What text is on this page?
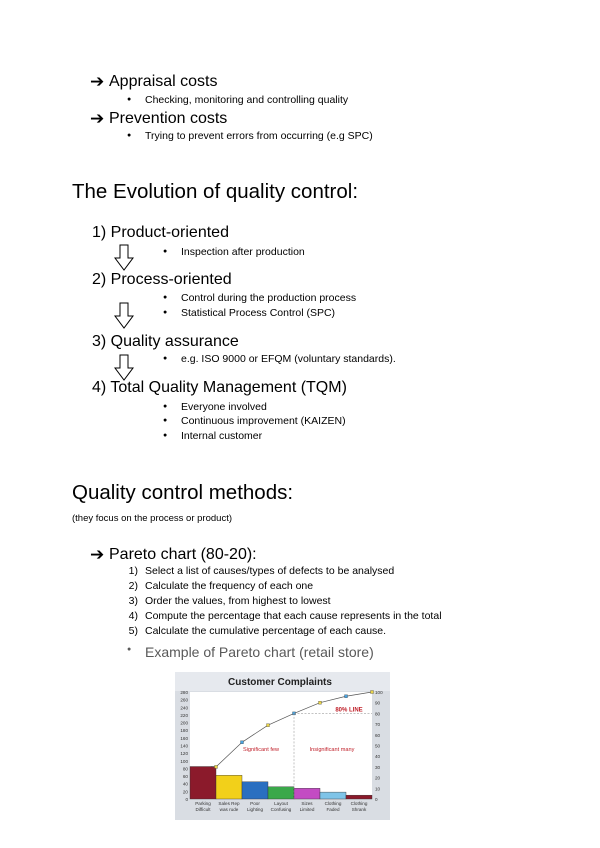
➔ Appraisal costs
● Checking, monitoring and controlling quality
➔ Prevention costs
● Trying to prevent errors from occurring (e.g SPC)
The Evolution of quality control:
1) Product-oriented
● Inspection after production
2) Process-oriented
● Control during the production process
● Statistical Process Control (SPC)
3) Quality assurance
● e.g. ISO 9000 or EFQM (voluntary standards).
4) Total Quality Management (TQM)
● Everyone involved
● Continuous improvement (KAIZEN)
● Internal customer
Quality control methods:
(they focus on the process or product)
➔ Pareto chart (80-20):
1) Select a list of causes/types of defects to be analysed
2) Calculate the frequency of each one
3) Order the values, from highest to lowest
4) Compute the percentage that each cause represents in the total
5) Calculate the cumulative percentage of each cause.
● Example of Pareto chart (retail store)
Customer Complaints
0
20
40
60
80
100
120
140
160
180
200
220
240
260
280
0
10
20
30
40
50
60
70
80
90
100
80% LINE
Significant few	Insignificant many
Parking
Difficult
Sales Rep
was rude
Poor
Lighting
Layout
Confusing
Sizes
Limited
Clothing
Faded
Clothing
Shrank
